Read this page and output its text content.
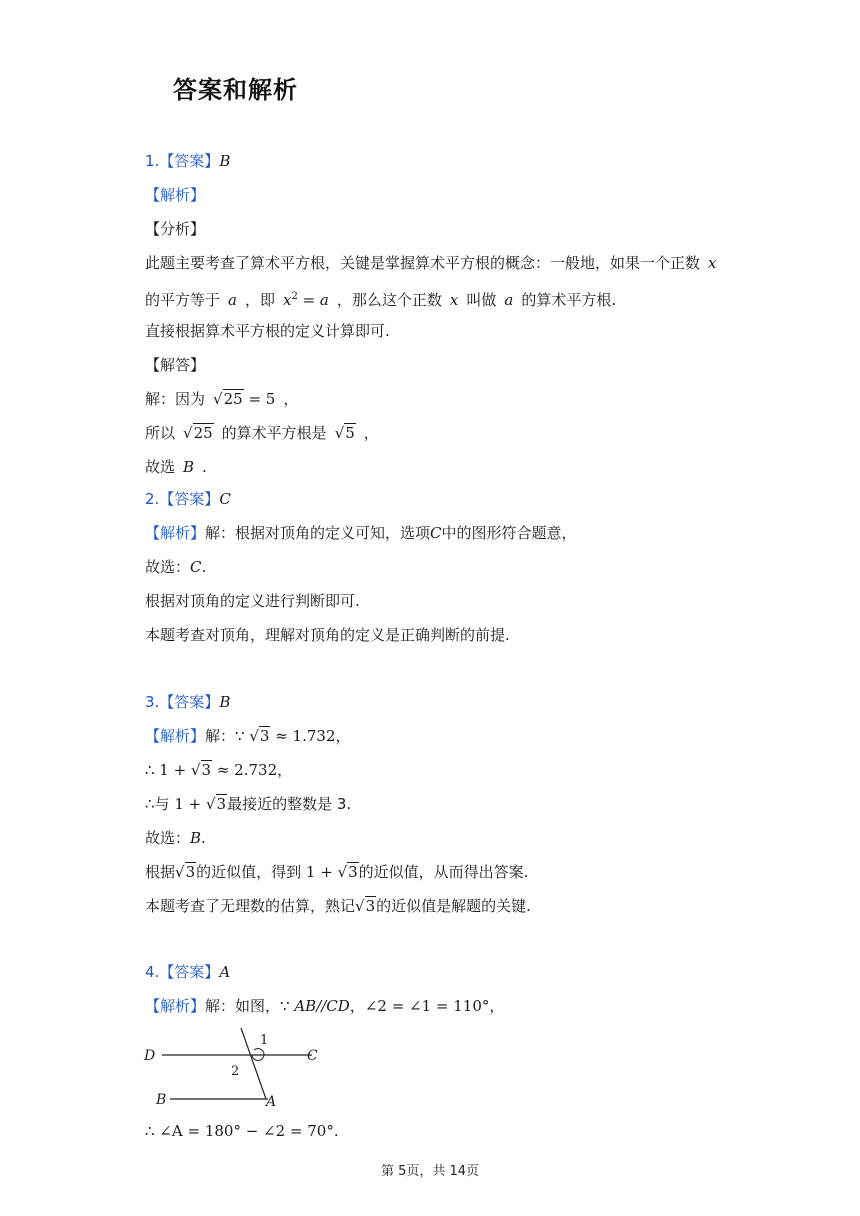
答案和解析
1.【答案】B
【解析】
【分析】
此题主要考查了算术平方根，关键是掌握算术平方根的概念：一般地，如果一个正数 x
的平方等于 a ，即 $x^2 = a$ ，那么这个正数 x 叫做 a 的算术平方根.
直接根据算术平方根的定义计算即可.
【解答】
解：因为 √25 = 5 ，
所以 √25 的算术平方根是 √5 ，
故选 B .
2.【答案】C
【解析】解：根据对顶角的定义可知，选项C中的图形符合题意，
故选：C.
根据对顶角的定义进行判断即可.
本题考查对顶角，理解对顶角的定义是正确判断的前提.
3.【答案】B
【解析】解：∵ √3 ≈ 1.732，
∴ 1 + √3 ≈ 2.732，
∴与 1 + √3最接近的整数是 3.
故选：B.
根据√3的近似值，得到 1 + √3的近似值，从而得出答案.
本题考查了无理数的估算，熟记√3的近似值是解题的关键.
4.【答案】A
【解析】解：如图，∵ AB//CD，∠2 = ∠1 = 110°，
D	C
B	A
1
2
∴ ∠A = 180° − ∠2 = 70°.
第 5页，共 14页
